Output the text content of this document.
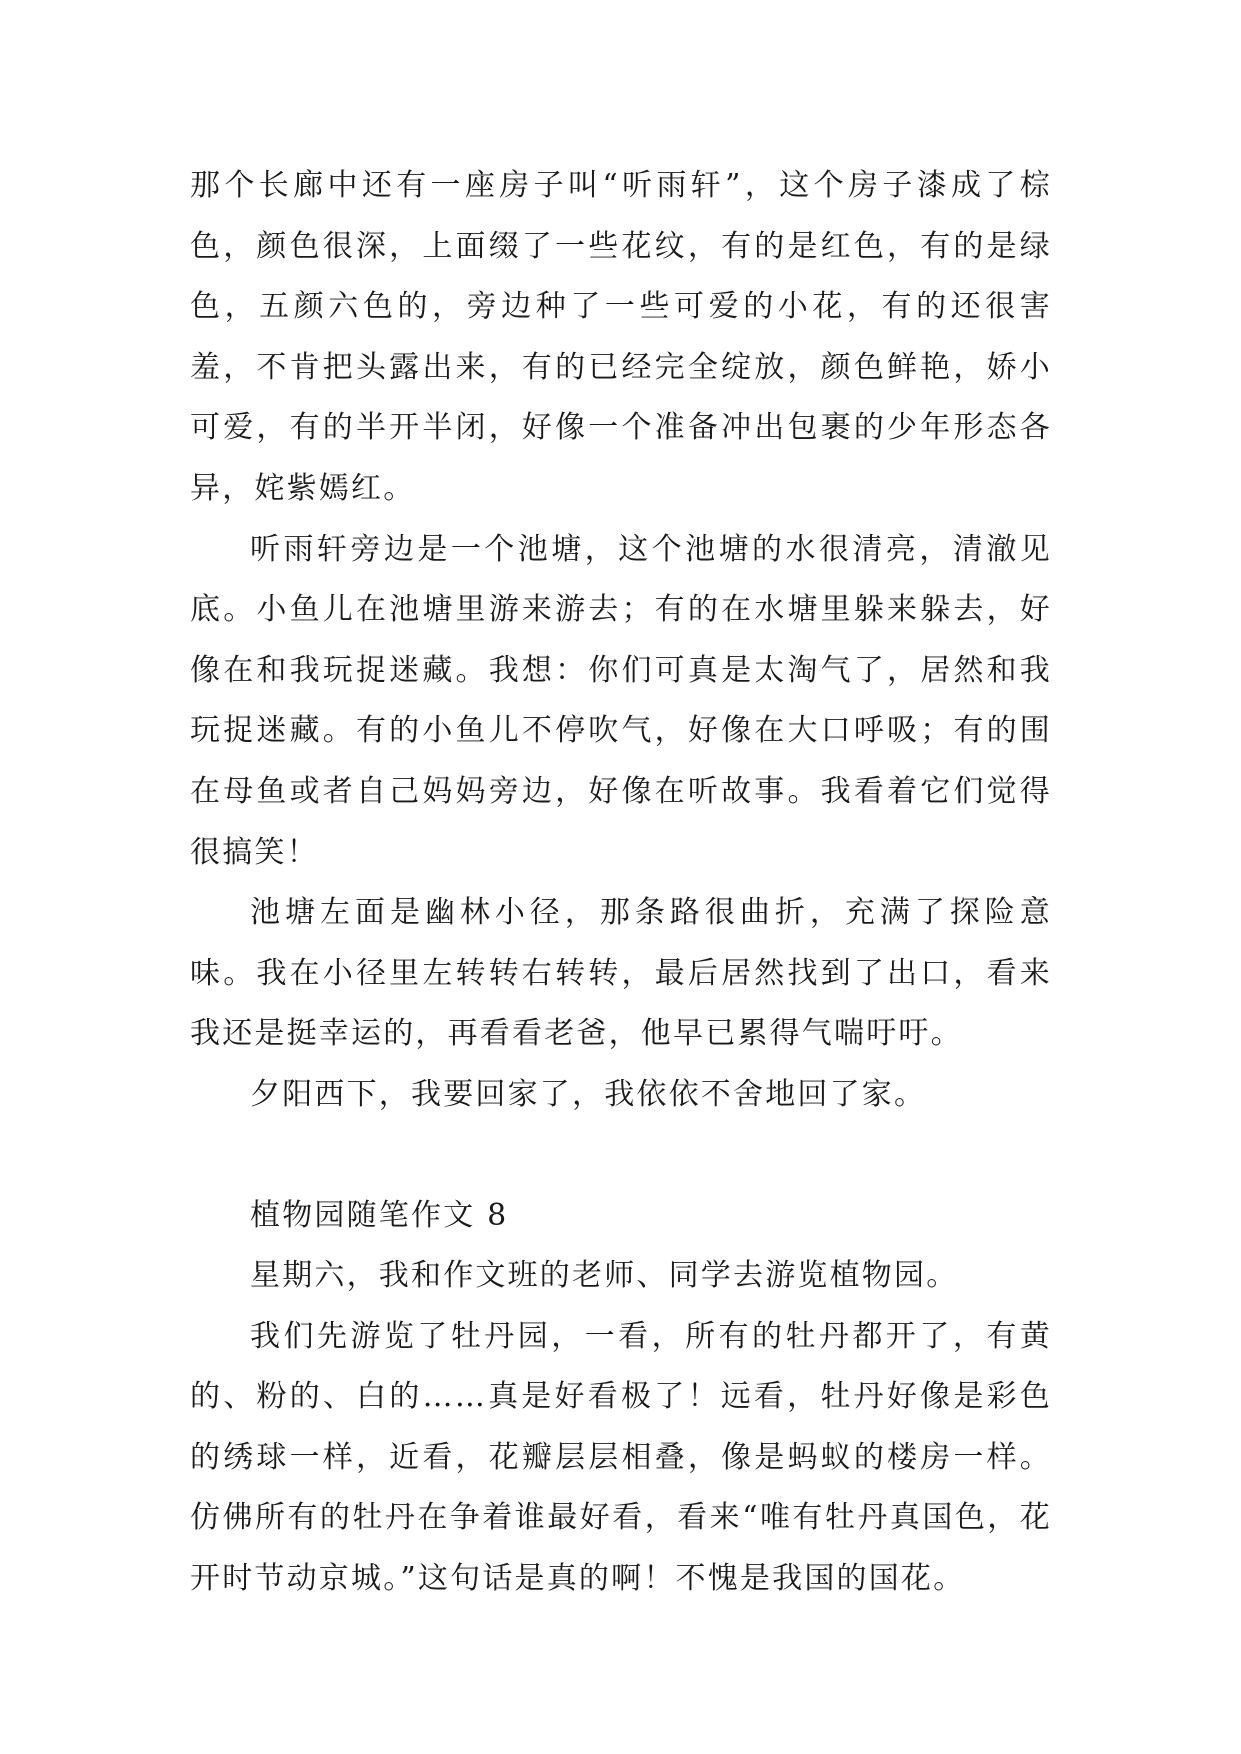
那个长廊中还有一座房子叫“听雨轩”，这个房子漆成了棕色，颜色很深，上面缀了一些花纹，有的是红色，有的是绿色，五颜六色的，旁边种了一些可爱的小花，有的还很害羞，不肯把头露出来，有的已经完全绽放，颜色鲜艳，娇小可爱，有的半开半闭，好像一个准备冲出包裹的少年形态各异，姹紫嫣红。

听雨轩旁边是一个池塘，这个池塘的水很清亮，清澈见底。小鱼儿在池塘里游来游去；有的在水塘里躲来躲去，好像在和我玩捉迷藏。我想：你们可真是太淘气了，居然和我玩捉迷藏。有的小鱼儿不停吹气，好像在大口呼吸；有的围在母鱼或者自己妈妈旁边，好像在听故事。我看着它们觉得很搞笑！

池塘左面是幽林小径，那条路很曲折，充满了探险意味。我在小径里左转转右转转，最后居然找到了出口，看来我还是挺幸运的，再看看老爸，他早已累得气喘吁吁。

夕阳西下，我要回家了，我依依不舍地回了家。

植物园随笔作文 8

星期六，我和作文班的老师、同学去游览植物园。

我们先游览了牡丹园，一看，所有的牡丹都开了，有黄的、粉的、白的……真是好看极了！远看，牡丹好像是彩色的绣球一样，近看，花瓣层层相叠，像是蚂蚁的楼房一样。仿佛所有的牡丹在争着谁最好看，看来“唯有牡丹真国色，花开时节动京城。”这句话是真的啊！不愧是我国的国花。
